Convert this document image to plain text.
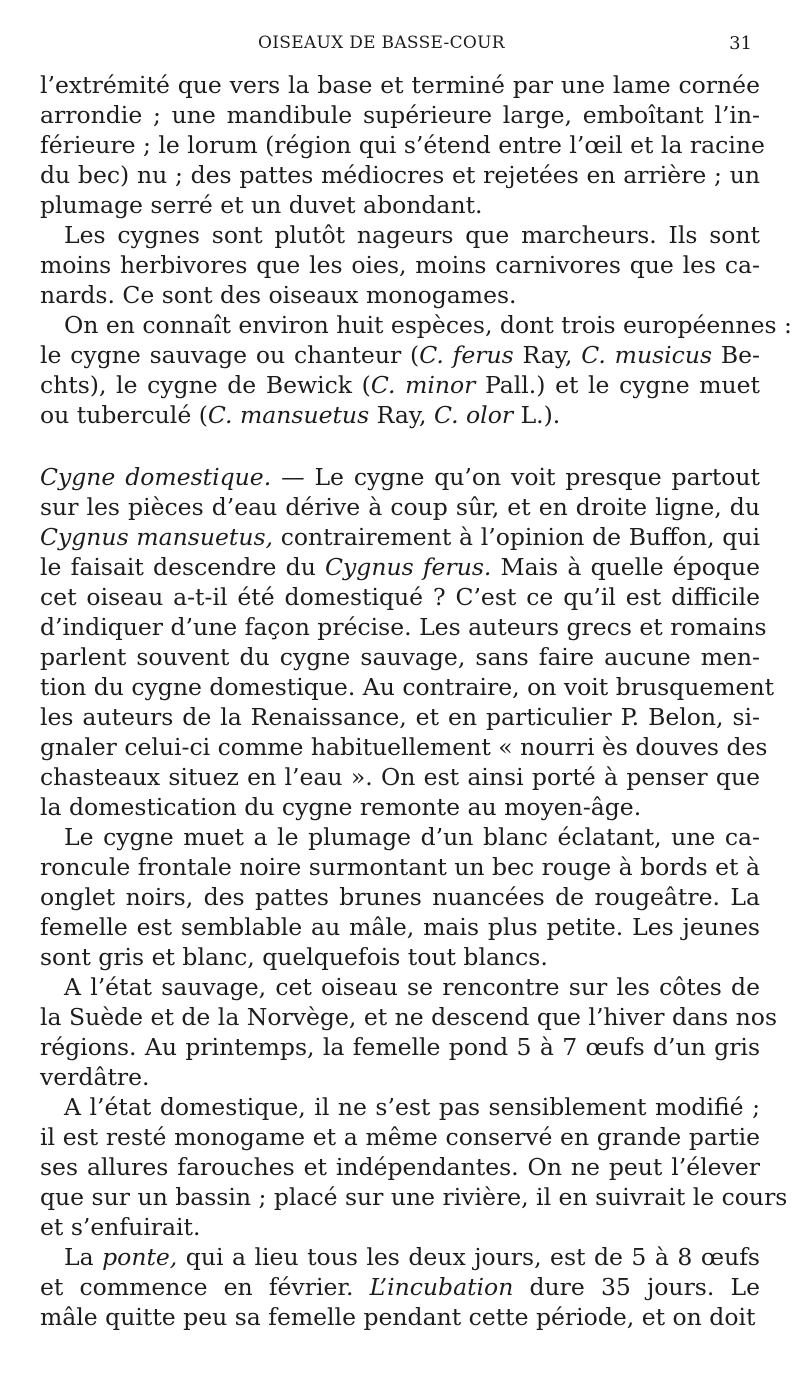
OISEAUX DE BASSE-COUR	31
l’extrémité que vers la base et terminé par une lame cornée
arrondie ; une mandibule supérieure large, emboîtant l’in-
férieure ; le lorum (région qui s’étend entre l’œil et la racine
du bec) nu ; des pattes médiocres et rejetées en arrière ; un
plumage serré et un duvet abondant.
Les cygnes sont plutôt nageurs que marcheurs. Ils sont
moins herbivores que les oies, moins carnivores que les ca-
nards. Ce sont des oiseaux monogames.
On en connaît environ huit espèces, dont trois européennes :
le cygne sauvage ou chanteur (C. ferus Ray, C. musicus Be-
chts), le cygne de Bewick (C. minor Pall.) et le cygne muet
ou tuberculé (C. mansuetus Ray, C. olor L.).
Cygne domestique. — Le cygne qu’on voit presque partout
sur les pièces d’eau dérive à coup sûr, et en droite ligne, du
Cygnus mansuetus, contrairement à l’opinion de Buffon, qui
le faisait descendre du Cygnus ferus. Mais à quelle époque
cet oiseau a-t-il été domestiqué ? C’est ce qu’il est difficile
d’indiquer d’une façon précise. Les auteurs grecs et romains
parlent souvent du cygne sauvage, sans faire aucune men-
tion du cygne domestique. Au contraire, on voit brusquement
les auteurs de la Renaissance, et en particulier P. Belon, si-
gnaler celui-ci comme habituellement « nourri ès douves des
chasteaux situez en l’eau ». On est ainsi porté à penser que
la domestication du cygne remonte au moyen-âge.
Le cygne muet a le plumage d’un blanc éclatant, une ca-
roncule frontale noire surmontant un bec rouge à bords et à
onglet noirs, des pattes brunes nuancées de rougeâtre. La
femelle est semblable au mâle, mais plus petite. Les jeunes
sont gris et blanc, quelquefois tout blancs.
A l’état sauvage, cet oiseau se rencontre sur les côtes de
la Suède et de la Norvège, et ne descend que l’hiver dans nos
régions. Au printemps, la femelle pond 5 à 7 œufs d’un gris
verdâtre.
A l’état domestique, il ne s’est pas sensiblement modifié ;
il est resté monogame et a même conservé en grande partie
ses allures farouches et indépendantes. On ne peut l’élever
que sur un bassin ; placé sur une rivière, il en suivrait le cours
et s’enfuirait.
La ponte, qui a lieu tous les deux jours, est de 5 à 8 œufs
et commence en février. L’incubation dure 35 jours. Le
mâle quitte peu sa femelle pendant cette période, et on doit
